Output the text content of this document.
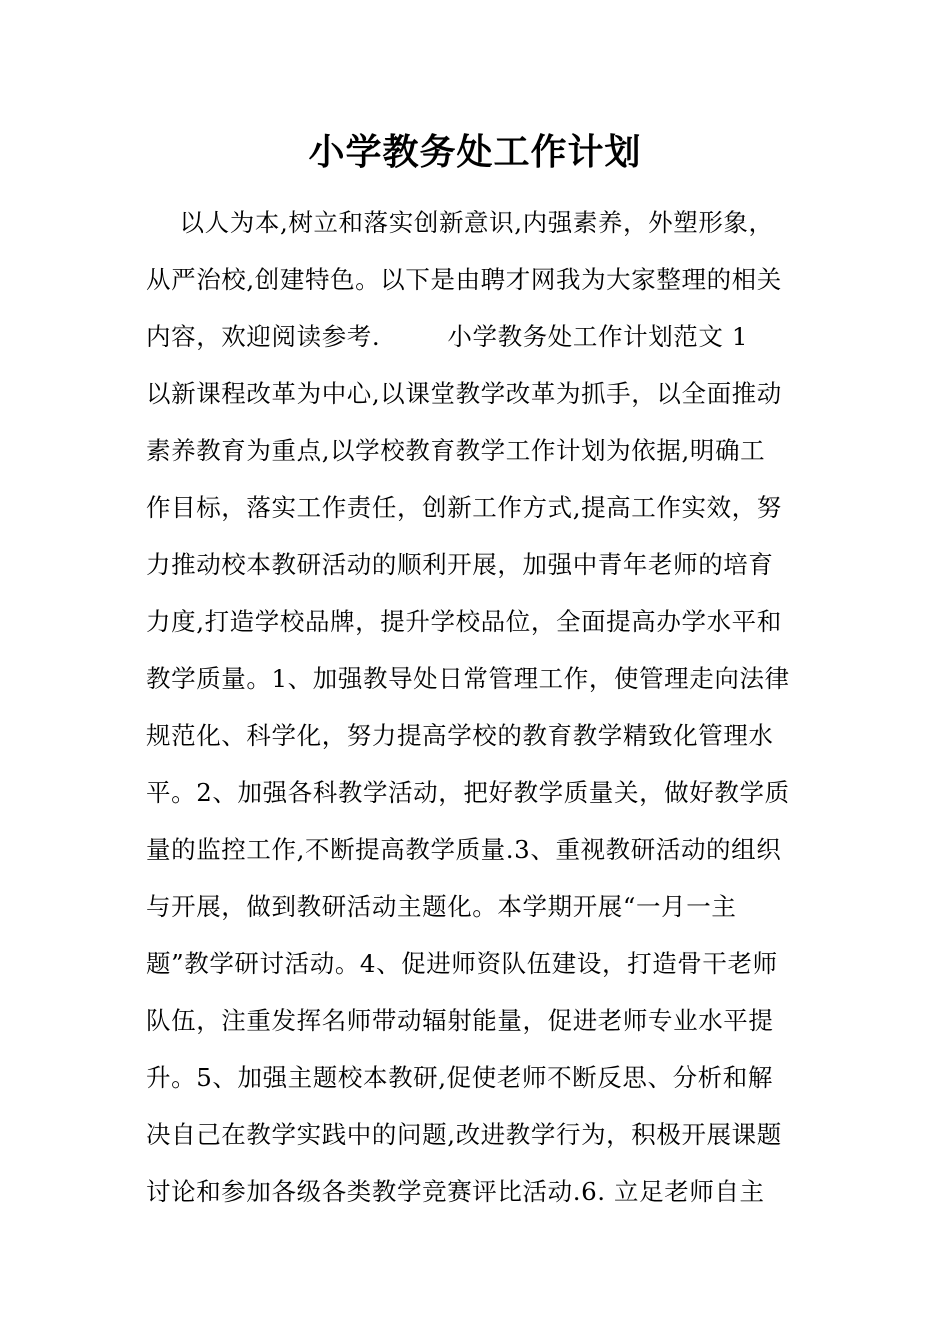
小学教务处工作计划
以人为本,树立和落实创新意识,内强素养，外塑形象，
从严治校,创建特色。以下是由聘才网我为大家整理的相关
内容，欢迎阅读参考.        小学教务处工作计划范文 1
以新课程改革为中心,以课堂教学改革为抓手，以全面推动
素养教育为重点,以学校教育教学工作计划为依据,明确工
作目标，落实工作责任，创新工作方式,提高工作实效，努
力推动校本教研活动的顺利开展，加强中青年老师的培育
力度,打造学校品牌，提升学校品位，全面提高办学水平和
教学质量。1、加强教导处日常管理工作，使管理走向法律
规范化、科学化，努力提高学校的教育教学精致化管理水
平。2、加强各科教学活动，把好教学质量关，做好教学质
量的监控工作,不断提高教学质量.3、重视教研活动的组织
与开展，做到教研活动主题化。本学期开展“一月一主
题”教学研讨活动。4、促进师资队伍建设，打造骨干老师
队伍，注重发挥名师带动辐射能量，促进老师专业水平提
升。5、加强主题校本教研,促使老师不断反思、分析和解
决自己在教学实践中的问题,改进教学行为，积极开展课题
讨论和参加各级各类教学竞赛评比活动.6. 立足老师自主
